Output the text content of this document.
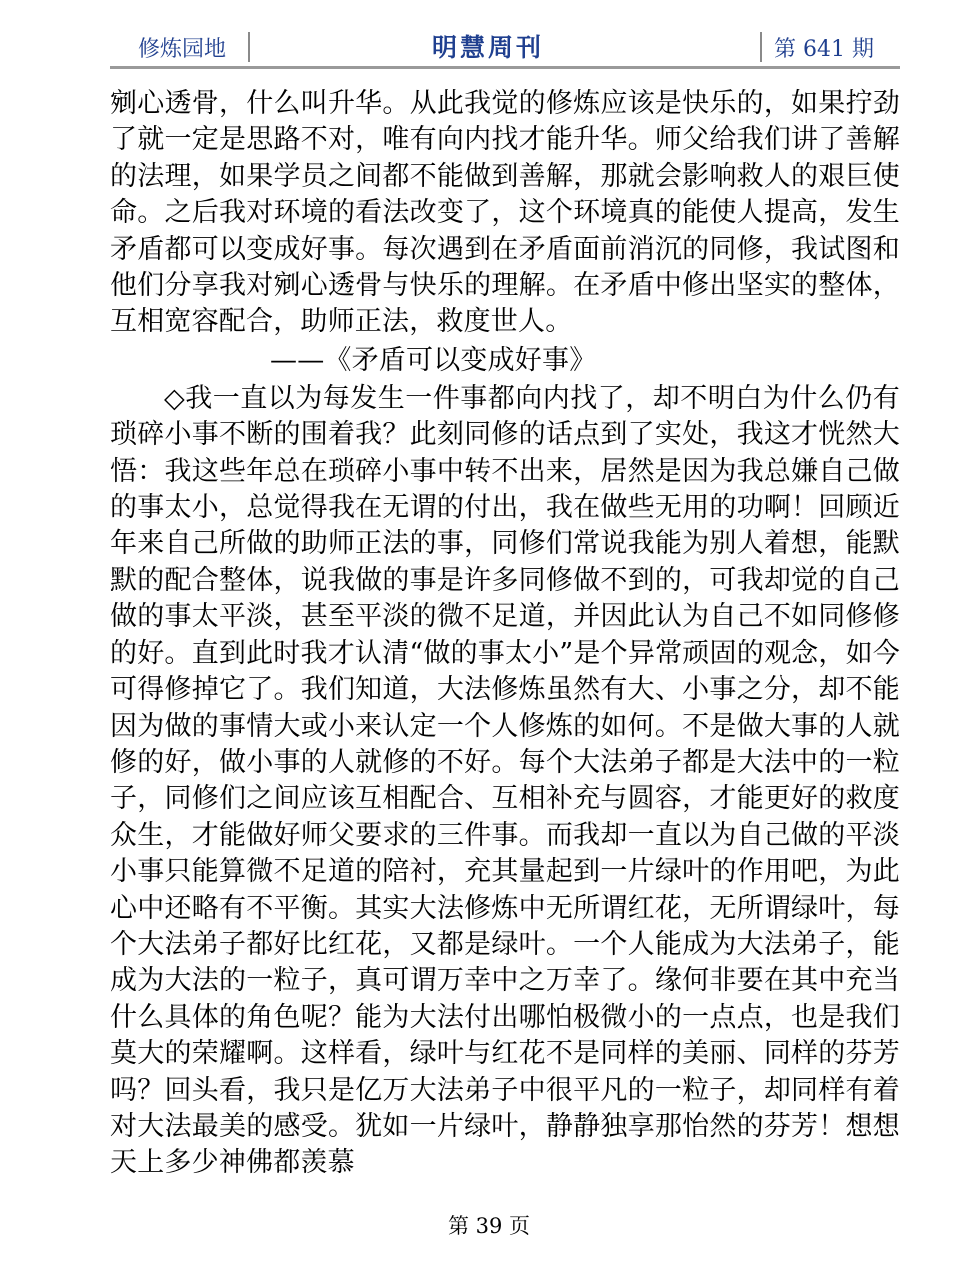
修炼园地	明慧周刊	第 641 期

剜心透骨，什么叫升华。从此我觉的修炼应该是快乐的，如果拧劲了就一定是思路不对，唯有向内找才能升华。师父给我们讲了善解的法理，如果学员之间都不能做到善解，那就会影响救人的艰巨使命。之后我对环境的看法改变了，这个环境真的能使人提高，发生矛盾都可以变成好事。每次遇到在矛盾面前消沉的同修，我试图和他们分享我对剜心透骨与快乐的理解。在矛盾中修出坚实的整体，互相宽容配合，助师正法，救度世人。

——《矛盾可以变成好事》

◇我一直以为每发生一件事都向内找了，却不明白为什么仍有琐碎小事不断的围着我？此刻同修的话点到了实处，我这才恍然大悟：我这些年总在琐碎小事中转不出来，居然是因为我总嫌自己做的事太小，总觉得我在无谓的付出，我在做些无用的功啊！回顾近年来自己所做的助师正法的事，同修们常说我能为别人着想，能默默的配合整体，说我做的事是许多同修做不到的，可我却觉的自己做的事太平淡，甚至平淡的微不足道，并因此认为自己不如同修修的好。直到此时我才认清“做的事太小”是个异常顽固的观念，如今可得修掉它了。我们知道，大法修炼虽然有大、小事之分，却不能因为做的事情大或小来认定一个人修炼的如何。不是做大事的人就修的好，做小事的人就修的不好。每个大法弟子都是大法中的一粒子，同修们之间应该互相配合、互相补充与圆容，才能更好的救度众生，才能做好师父要求的三件事。而我却一直以为自己做的平淡小事只能算微不足道的陪衬，充其量起到一片绿叶的作用吧，为此心中还略有不平衡。其实大法修炼中无所谓红花，无所谓绿叶，每个大法弟子都好比红花，又都是绿叶。一个人能成为大法弟子，能成为大法的一粒子，真可谓万幸中之万幸了。缘何非要在其中充当什么具体的角色呢？能为大法付出哪怕极微小的一点点，也是我们莫大的荣耀啊。这样看，绿叶与红花不是同样的美丽、同样的芬芳吗？回头看，我只是亿万大法弟子中很平凡的一粒子，却同样有着对大法最美的感受。犹如一片绿叶，静静独享那怡然的芬芳！想想天上多少神佛都羡慕

第 39 页
